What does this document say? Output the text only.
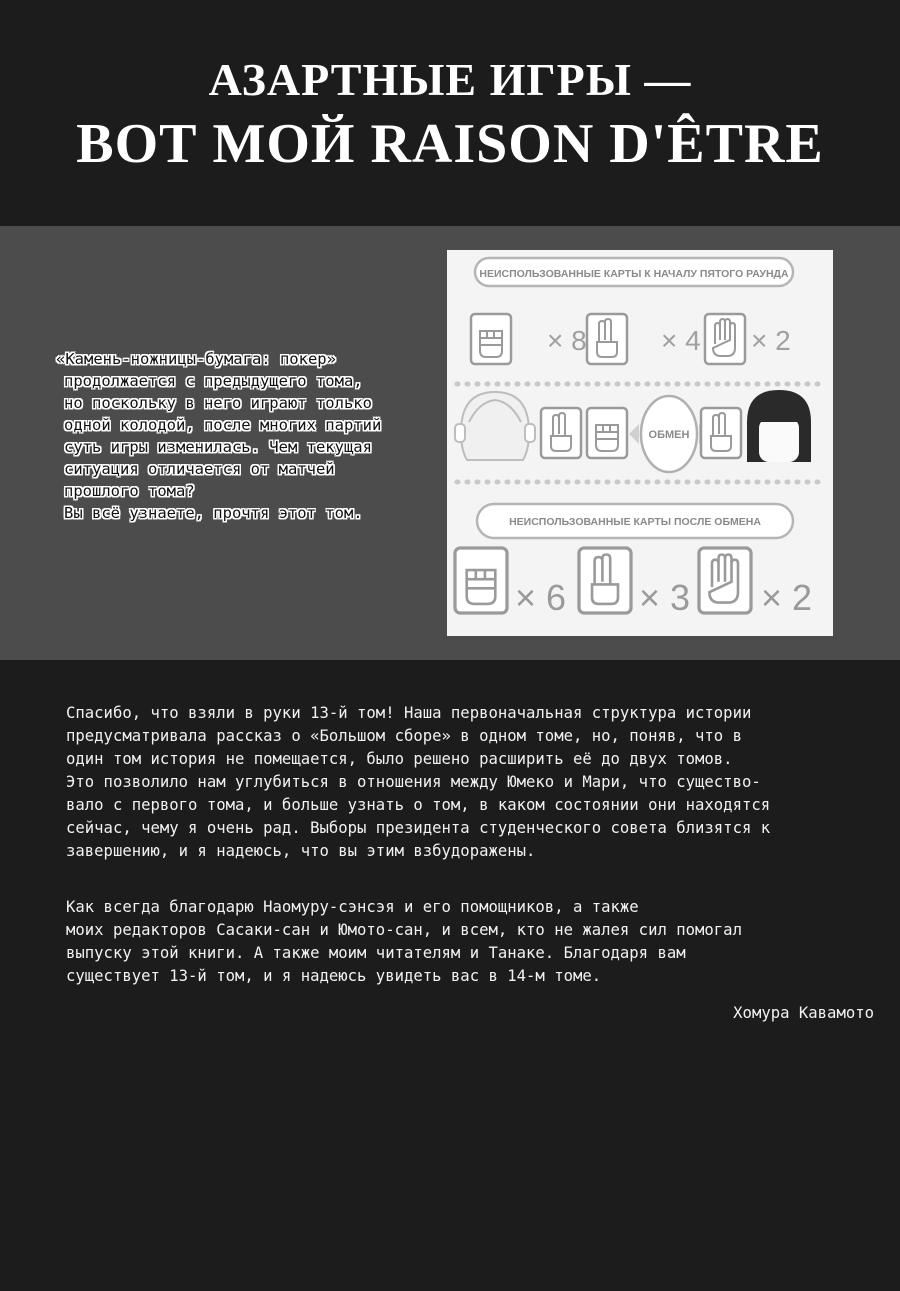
АЗАРТНЫЕ ИГРЫ —
ВОТ МОЙ RAISON D'ÊTRE
«Камень-ножницы-бумага: покер»
продолжается с предыдущего тома,
но поскольку в него играют только
одной колодой, после многих партий
суть игры изменилась. Чем текущая
ситуация отличается от матчей
прошлого тома?
Вы всё узнаете, прочтя этот том.
НЕИСПОЛЬЗОВАННЫЕ КАРТЫ К НАЧАЛУ ПЯТОГО РАУНДА
× 8	× 4 × 2
ОБМЕН
НЕИСПОЛЬЗОВАННЫЕ КАРТЫ ПОСЛЕ ОБМЕНА
× 6 × 3 × 2
Спасибо, что взяли в руки 13-й том! Наша первоначальная структура истории
предусматривала рассказ о «Большом сборе» в одном томе, но, поняв, что в
один том история не помещается, было решено расширить её до двух томов.
Это позволило нам углубиться в отношения между Юмеко и Мари, что существо-
вало с первого тома, и больше узнать о том, в каком состоянии они находятся
сейчас, чему я очень рад. Выборы президента студенческого совета близятся к
завершению, и я надеюсь, что вы этим взбудоражены.
Как всегда благодарю Наомуру-сэнсэя и его помощников, а также
моих редакторов Сасаки-сан и Юмото-сан, и всем, кто не жалея сил помогал
выпуску этой книги. А также моим читателям и Танаке. Благодаря вам
существует 13-й том, и я надеюсь увидеть вас в 14-м томе.
Хомура Кавамото
